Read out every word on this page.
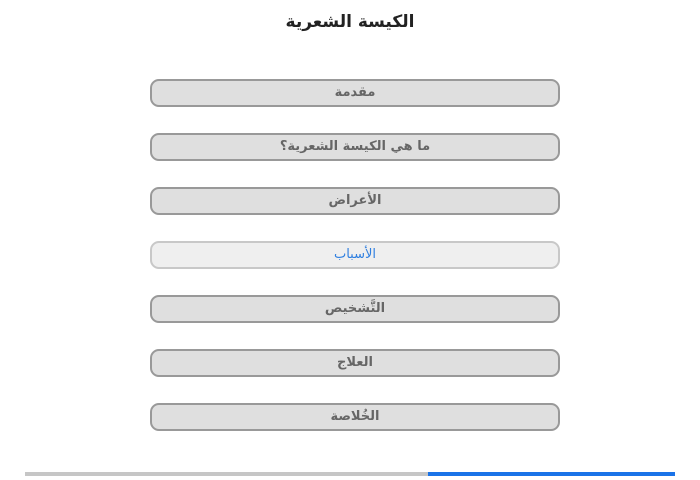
الكيسة الشعرية
مقدمة
ما هي الكيسة الشعرية؟
الأعراض
الأسباب
التَّشخيص
العلاج
الخُلاصة
